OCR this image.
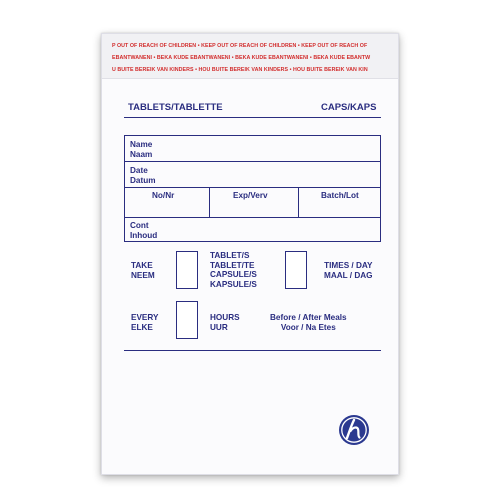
P OUT OF REACH OF CHILDREN • KEEP OUT OF REACH OF CHILDREN • KEEP OUT OF REACH OF
EBANTWANENI • BEKA KUDE EBANTWANENI • BEKA KUDE EBANTWANENI • BEKA KUDE EBANTW
U BUITE BEREIK VAN KINDERS • HOU BUITE BEREIK VAN KINDERS • HOU BUITE BEREIK VAN KIN
TABLETS/TABLETTE	CAPS/KAPS
Name
Naam
Date
Datum
No/Nr	Exp/Verv	Batch/Lot
Cont
Inhoud
TAKE
NEEM
TABLET/S
TABLET/TE
CAPSULE/S
KAPSULE/S
TIMES / DAY
MAAL / DAG
EVERY
ELKE
HOURS
UUR
Before / After Meals
Voor / Na Etes
